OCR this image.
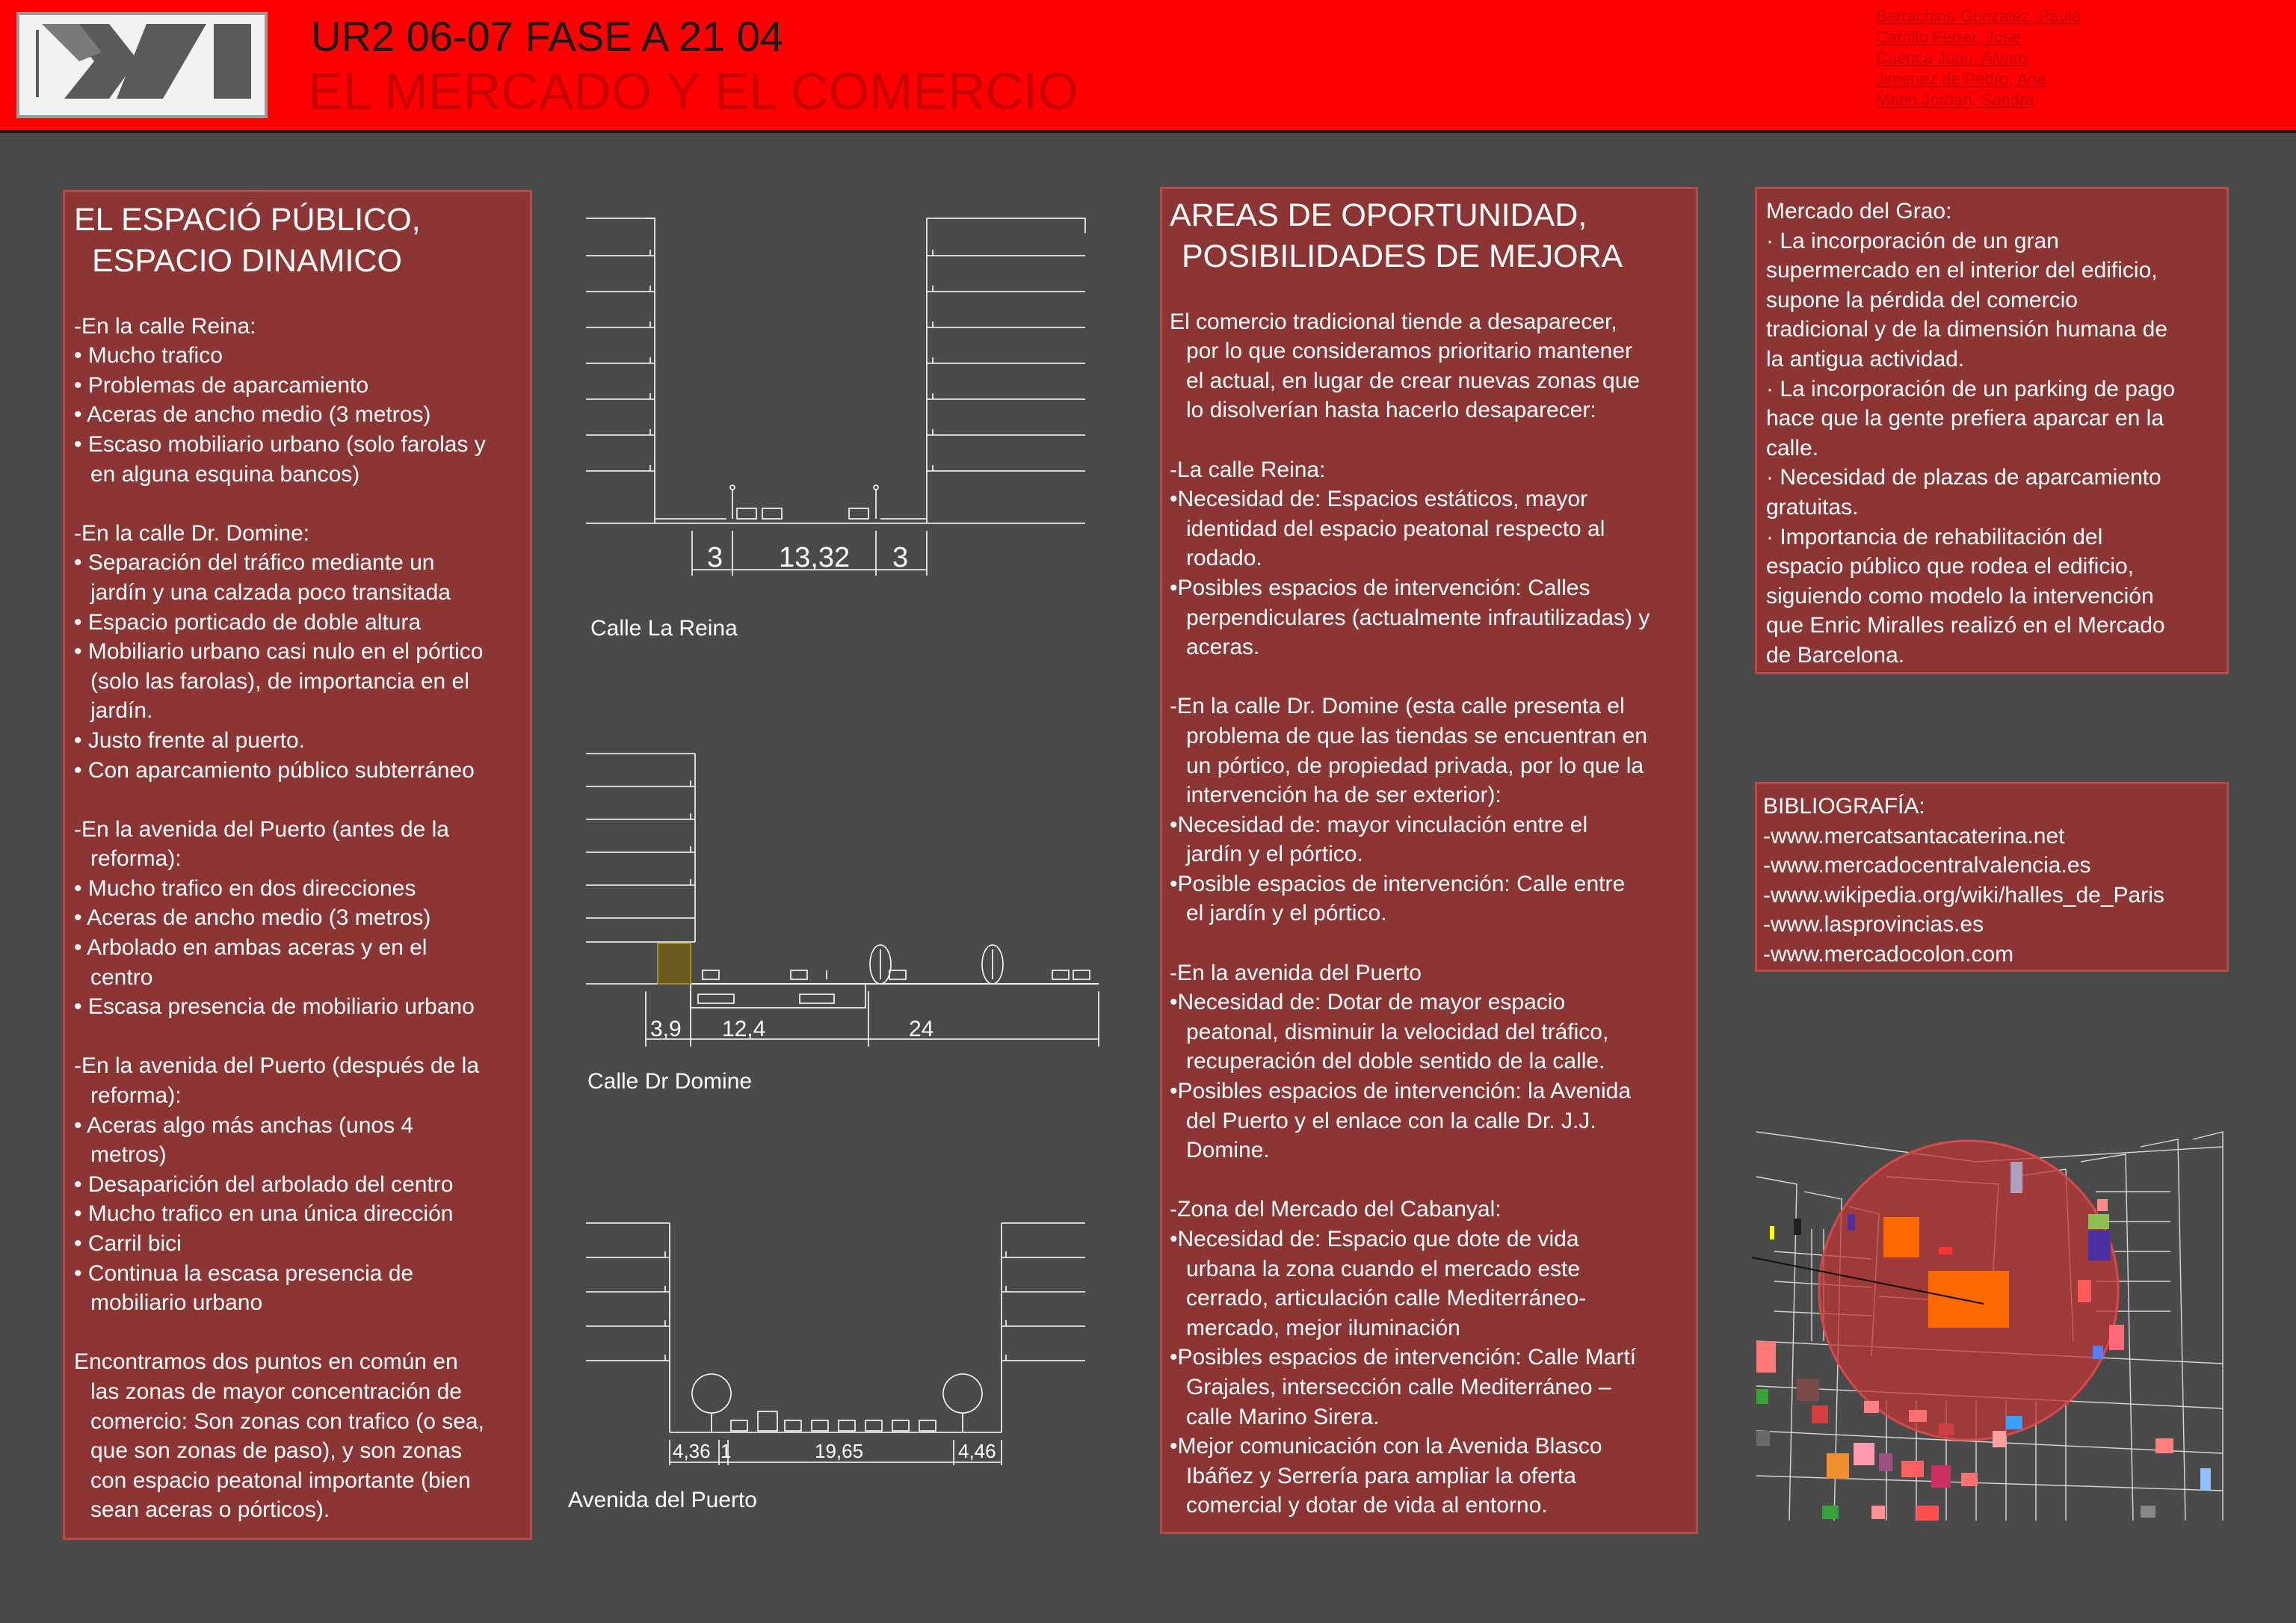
UR2 06-07 FASE A 21 04
EL MERCADO Y EL COMERCIO
Barrachina Gonzalez, Paula
Carrillo Ferrer, Jose
Cuenca Juan, Alvaro
Jimenez de Pedro, Ana
Marin Jordan, Sandra
EL ESPACIÓ PÚBLICO,
ESPACIO DINAMICO
-En la calle Reina:
• Mucho trafico
• Problemas de aparcamiento
• Aceras de ancho medio (3 metros)
• Escaso mobiliario urbano (solo farolas y
en alguna esquina bancos)
-En la calle Dr. Domine:
• Separación del tráfico mediante un
jardín y una calzada poco transitada
• Espacio porticado de doble altura
• Mobiliario urbano casi nulo en el pórtico
(solo las farolas), de importancia en el
jardín.
• Justo frente al puerto.
• Con aparcamiento público subterráneo
-En la avenida del Puerto (antes de la
reforma):
• Mucho trafico en dos direcciones
• Aceras de ancho medio (3 metros)
• Arbolado en ambas aceras y en el
centro
• Escasa presencia de mobiliario urbano
-En la avenida del Puerto (después de la
reforma):
• Aceras algo más anchas (unos 4
metros)
• Desaparición del arbolado del centro
• Mucho trafico en una única dirección
• Carril bici
• Continua la escasa presencia de
mobiliario urbano
Encontramos dos puntos en común en
las zonas de mayor concentración de
comercio: Son zonas con trafico (o sea,
que son zonas de paso), y son zonas
con espacio peatonal importante (bien
sean aceras o pórticos).
3 13,32 3
Calle La Reina
3,9 12,4	24
Calle Dr Domine
4,36 1	19,65	4,46
Avenida del Puerto
AREAS DE OPORTUNIDAD,
POSIBILIDADES DE MEJORA
El comercio tradicional tiende a desaparecer,
por lo que consideramos prioritario mantener
el actual, en lugar de crear nuevas zonas que
lo disolverían hasta hacerlo desaparecer:
-La calle Reina:
•Necesidad de: Espacios estáticos, mayor
identidad del espacio peatonal respecto al
rodado.
•Posibles espacios de intervención: Calles
perpendiculares (actualmente infrautilizadas) y
aceras.
-En la calle Dr. Domine (esta calle presenta el
problema de que las tiendas se encuentran en
un pórtico, de propiedad privada, por lo que la
intervención ha de ser exterior):
•Necesidad de: mayor vinculación entre el
jardín y el pórtico.
•Posible espacios de intervención: Calle entre
el jardín y el pórtico.
-En la avenida del Puerto
•Necesidad de: Dotar de mayor espacio
peatonal, disminuir la velocidad del tráfico,
recuperación del doble sentido de la calle.
•Posibles espacios de intervención: la Avenida
del Puerto y el enlace con la calle Dr. J.J.
Domine.
-Zona del Mercado del Cabanyal:
•Necesidad de: Espacio que dote de vida
urbana la zona cuando el mercado este
cerrado, articulación calle Mediterráneo-
mercado, mejor iluminación
•Posibles espacios de intervención: Calle Martí
Grajales, intersección calle Mediterráneo –
calle Marino Sirera.
•Mejor comunicación con la Avenida Blasco
Ibáñez y Serrería para ampliar la oferta
comercial y dotar de vida al entorno.
Mercado del Grao:
· La incorporación de un gran
supermercado en el interior del edificio,
supone la pérdida del comercio
tradicional y de la dimensión humana de
la antigua actividad.
· La incorporación de un parking de pago
hace que la gente prefiera aparcar en la
calle.
· Necesidad de plazas de aparcamiento
gratuitas.
· Importancia de rehabilitación del
espacio público que rodea el edificio,
siguiendo como modelo la intervención
que Enric Miralles realizó en el Mercado
de Barcelona.
BIBLIOGRAFÍA:
-www.mercatsantacaterina.net
-www.mercadocentralvalencia.es
-www.wikipedia.org/wiki/halles_de_Paris
-www.lasprovincias.es
-www.mercadocolon.com
